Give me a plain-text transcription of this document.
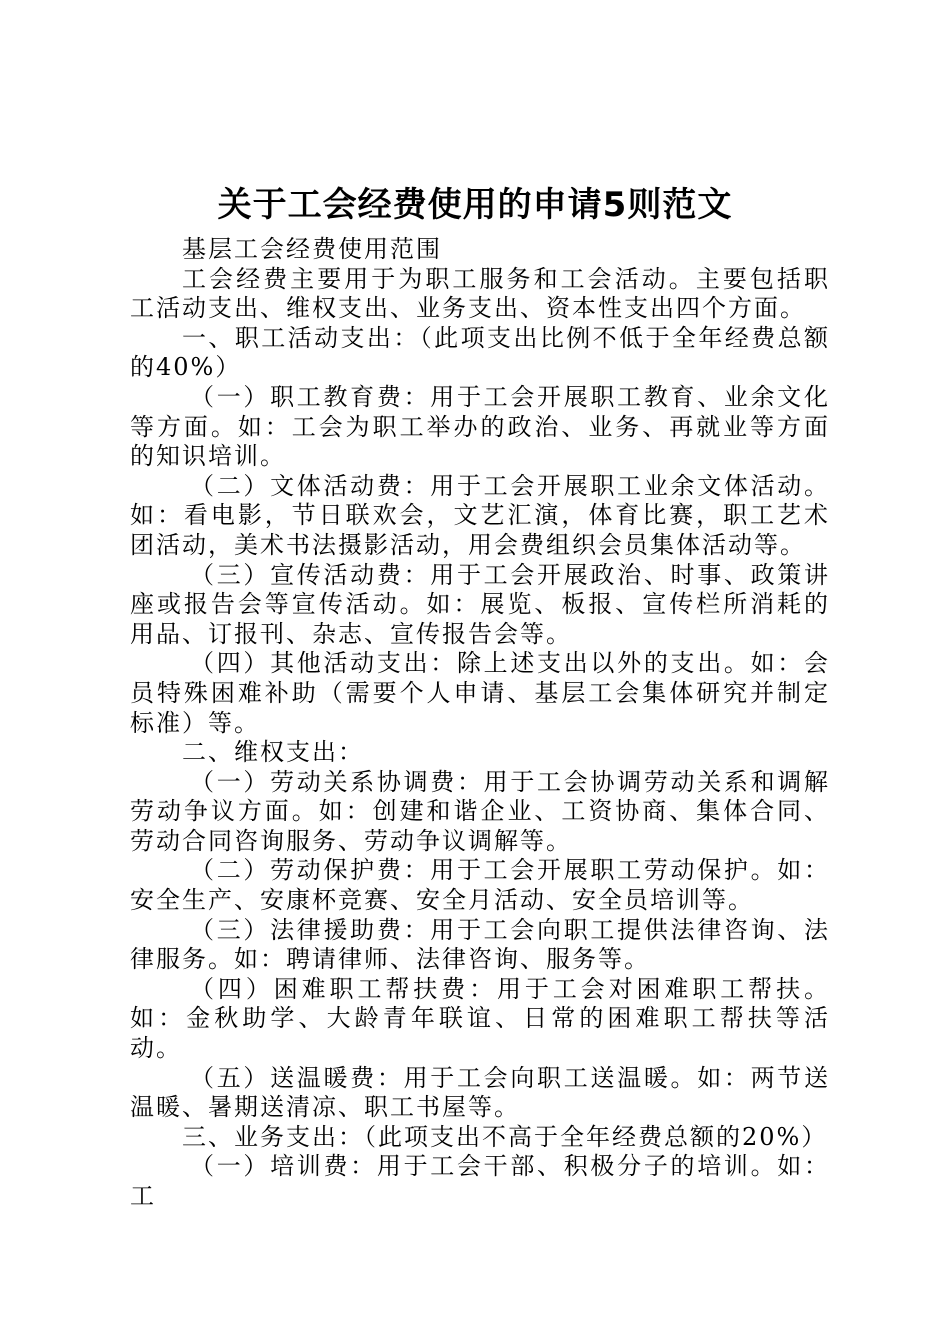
关于工会经费使用的申请5则范文

基层工会经费使用范围

工会经费主要用于为职工服务和工会活动。主要包括职工活动支出、维权支出、业务支出、资本性支出四个方面。

一、职工活动支出：（此项支出比例不低于全年经费总额的40%）

（一）职工教育费：用于工会开展职工教育、业余文化等方面。如：工会为职工举办的政治、业务、再就业等方面的知识培训。

（二）文体活动费：用于工会开展职工业余文体活动。如：看电影，节日联欢会，文艺汇演，体育比赛，职工艺术团活动，美术书法摄影活动，用会费组织会员集体活动等。

（三）宣传活动费：用于工会开展政治、时事、政策讲座或报告会等宣传活动。如：展览、板报、宣传栏所消耗的用品、订报刊、杂志、宣传报告会等。

（四）其他活动支出：除上述支出以外的支出。如：会员特殊困难补助（需要个人申请、基层工会集体研究并制定标准）等。

二、维权支出：

（一）劳动关系协调费：用于工会协调劳动关系和调解劳动争议方面。如：创建和谐企业、工资协商、集体合同、劳动合同咨询服务、劳动争议调解等。

（二）劳动保护费：用于工会开展职工劳动保护。如：安全生产、安康杯竞赛、安全月活动、安全员培训等。

（三）法律援助费：用于工会向职工提供法律咨询、法律服务。如：聘请律师、法律咨询、服务等。

（四）困难职工帮扶费：用于工会对困难职工帮扶。如：金秋助学、大龄青年联谊、日常的困难职工帮扶等活动。

（五）送温暖费：用于工会向职工送温暖。如：两节送温暖、暑期送清凉、职工书屋等。

三、业务支出：（此项支出不高于全年经费总额的20%）

（一）培训费：用于工会干部、积极分子的培训。如：工
